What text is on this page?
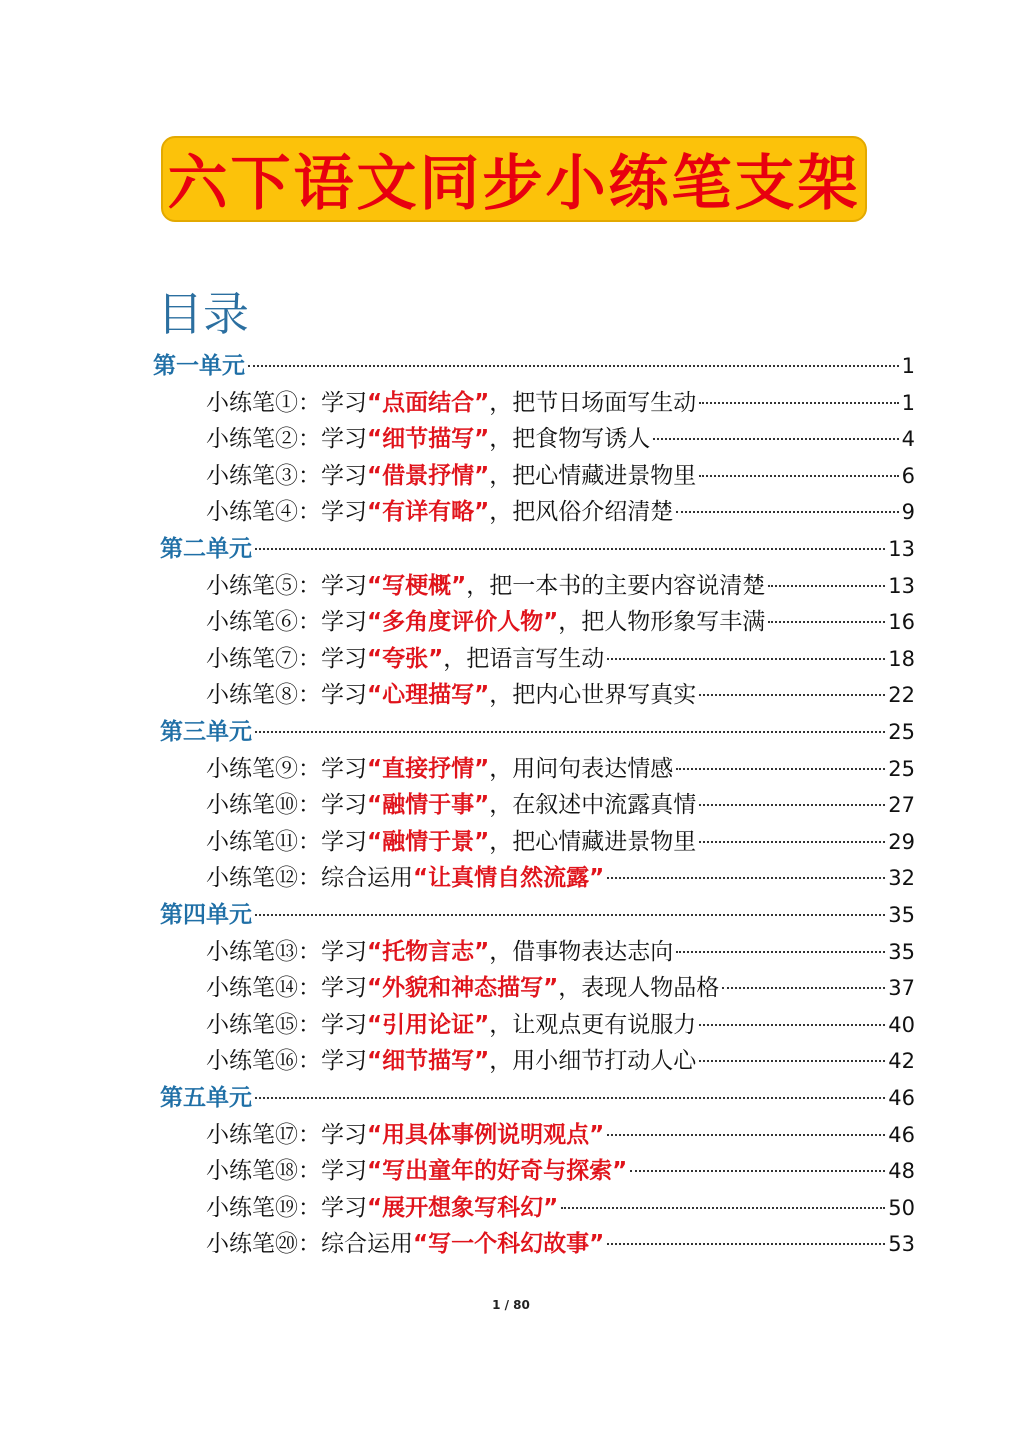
六下语文同步小练笔支架
目录
第一单元	1
小练笔①：学习 “点面结合” ，把节日场面写生动	1
小练笔②：学习 “细节描写” ，把食物写诱人	4
小练笔③：学习 “借景抒情” ，把心情藏进景物里	6
小练笔④：学习 “有详有略” ，把风俗介绍清楚	9
第二单元	13
小练笔⑤：学习 “写梗概” ，把一本书的主要内容说清楚	13
小练笔⑥：学习 “多角度评价人物” ，把人物形象写丰满	16
小练笔⑦：学习 “夸张” ，把语言写生动	18
小练笔⑧：学习 “心理描写” ，把内心世界写真实	22
第三单元	25
小练笔⑨：学习 “直接抒情” ，用问句表达情感	25
小练笔⑩：学习 “融情于事” ，在叙述中流露真情	27
小练笔⑪：学习 “融情于景” ，把心情藏进景物里	29
小练笔⑫：综合运用 “让真情自然流露”	32
第四单元	35
小练笔⑬：学习 “托物言志” ，借事物表达志向	35
小练笔⑭：学习 “外貌和神态描写” ，表现人物品格	37
小练笔⑮：学习 “引用论证” ，让观点更有说服力	40
小练笔⑯：学习 “细节描写” ，用小细节打动人心	42
第五单元	46
小练笔⑰：学习 “用具体事例说明观点”	46
小练笔⑱：学习 “写出童年的好奇与探索”	48
小练笔⑲：学习 “展开想象写科幻”	50
小练笔⑳：综合运用 “写一个科幻故事”	53
1 / 80
